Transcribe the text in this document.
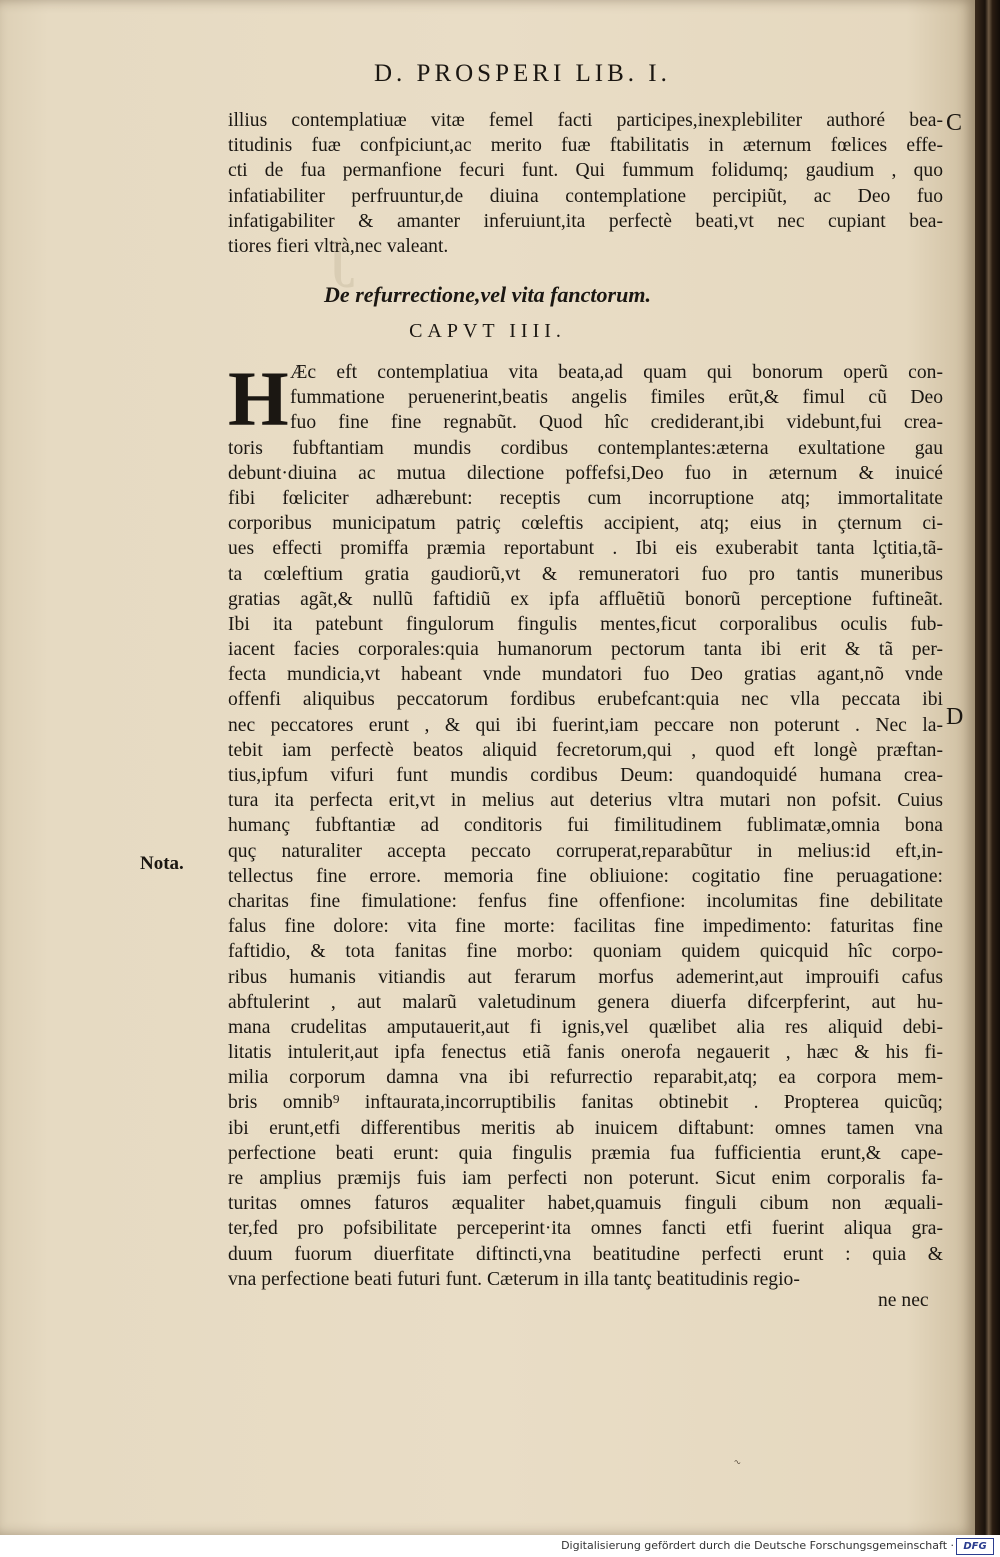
J
D. PROSPERI LIB. I.
C
D
Nota.
illius contemplatiuæ vitæ femel facti participes,inexplebiliter authoré bea-
titudinis fuæ confpiciunt,ac merito fuæ ftabilitatis in æternum fœlices effe-
cti de fua permanfione fecuri funt. Qui fummum folidumq; gaudium , quo
infatiabiliter perfruuntur,de diuina contemplatione percipiũt, ac Deo fuo
infatigabiliter & amanter inferuiunt,ita perfectè beati,vt nec cupiant bea-
tiores fieri vltrà,nec valeant.
De refurrectione,vel vita fanctorum.
CAPVT IIII.
H Æc eft contemplatiua vita beata,ad quam qui bonorum operũ con-
fummatione peruenerint,beatis angelis fimiles erũt,& fimul cũ Deo
fuo fine fine regnabũt. Quod hîc crediderant,ibi videbunt,fui crea-
toris fubftantiam mundis cordibus contemplantes:æterna exultatione gau
debunt·diuina ac mutua dilectione poffefsi,Deo fuo in æternum & inuicé
fibi fœliciter adhærebunt: receptis cum incorruptione atq; immortalitate
corporibus municipatum patriç cœleftis accipient, atq; eius in çternum ci-
ues effecti promiffa præmia reportabunt . Ibi eis exuberabit tanta lçtitia,tã-
ta cœleftium gratia gaudiorũ,vt & remuneratori fuo pro tantis muneribus
gratias agãt,& nullũ faftidiũ ex ipfa affluẽtiũ bonorũ perceptione fuftineãt.
Ibi ita patebunt fingulorum fingulis mentes,ficut corporalibus oculis fub-
iacent facies corporales:quia humanorum pectorum tanta ibi erit & tã per-
fecta mundicia,vt habeant vnde mundatori fuo Deo gratias agant,nõ vnde
offenfi aliquibus peccatorum fordibus erubefcant:quia nec vlla peccata ibi
nec peccatores erunt , & qui ibi fuerint,iam peccare non poterunt . Nec la-
tebit iam perfectè beatos aliquid fecretorum,qui , quod eft longè præftan-
tius,ipfum vifuri funt mundis cordibus Deum: quandoquidé humana crea-
tura ita perfecta erit,vt in melius aut deterius vltra mutari non pofsit. Cuius
humanç fubftantiæ ad conditoris fui fimilitudinem fublimatæ,omnia bona
quç naturaliter accepta peccato corruperat,reparabũtur in melius:id eft,in-
tellectus fine errore. memoria fine obliuione: cogitatio fine peruagatione:
charitas fine fimulatione: fenfus fine offenfione: incolumitas fine debilitate
falus fine dolore: vita fine morte: facilitas fine impedimento: faturitas fine
faftidio, & tota fanitas fine morbo: quoniam quidem quicquid hîc corpo-
ribus humanis vitiandis aut ferarum morfus ademerint,aut improuifi cafus
abftulerint , aut malarũ valetudinum genera diuerfa difcerpferint, aut hu-
mana crudelitas amputauerit,aut fi ignis,vel quælibet alia res aliquid debi-
litatis intulerit,aut ipfa fenectus etiã fanis onerofa negauerit , hæc & his fi-
milia corporum damna vna ibi refurrectio reparabit,atq; ea corpora mem-
bris omnib⁹ inftaurata,incorruptibilis fanitas obtinebit . Propterea quicũq;
ibi erunt,etfi differentibus meritis ab inuicem diftabunt: omnes tamen vna
perfectione beati erunt: quia fingulis præmia fua fufficientia erunt,& cape-
re amplius præmijs fuis iam perfecti non poterunt. Sicut enim corporalis fa-
turitas omnes faturos æqualiter habet,quamuis finguli cibum non æquali-
ter,fed pro pofsibilitate perceperint·ita omnes fancti etfi fuerint aliqua gra-
duum fuorum diuerfitate diftincti,vna beatitudine perfecti erunt : quia &
vna perfectione beati futuri funt. Cæterum in illa tantç beatitudinis regio-
ne nec
~
Digitalisierung gefördert durch die Deutsche Forschungsgemeinschaft · DFG
